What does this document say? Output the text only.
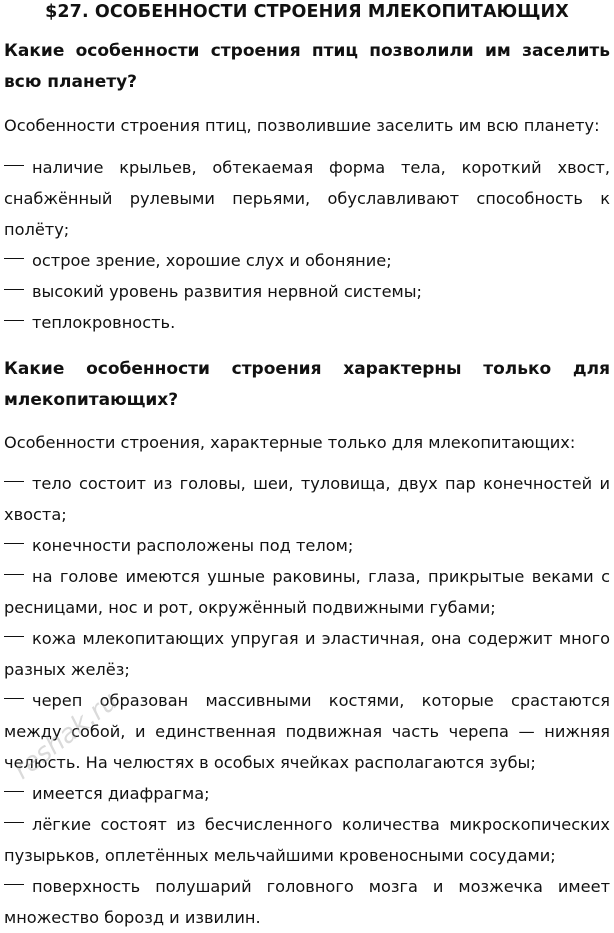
$27. ОСОБЕННОСТИ СТРОЕНИЯ МЛЕКОПИТАЮЩИХ

Какие особенности строения птиц позволили им заселить всю планету?

Особенности строения птиц, позволившие заселить им всю планету:

наличие крыльев, обтекаемая форма тела, короткий хвост, снабжённый рулевыми перьями, обуславливают способность к полёту;
острое зрение, хорошие слух и обоняние;
высокий уровень развития нервной системы;
теплокровность.

Какие особенности строения характерны только для млекопитающих?

Особенности строения, характерные только для млекопитающих:

тело состоит из головы, шеи, туловища, двух пар конечностей и хвоста;
конечности расположены под телом;
на голове имеются ушные раковины, глаза, прикрытые веками с ресницами, нос и рот, окружённый подвижными губами;
кожа млекопитающих упругая и эластичная, она содержит много разных желёз;
череп образован массивными костями, которые срастаются между собой, и единственная подвижная часть черепа — нижняя челюсть. На челюстях в особых ячейках располагаются зубы;
имеется диафрагма;
лёгкие состоят из бесчисленного количества микроскопических пузырьков, оплетённых мельчайшими кровеносными сосудами;
поверхность полушарий головного мозга и мозжечка имеет множество борозд и извилин.
reshak.ru
